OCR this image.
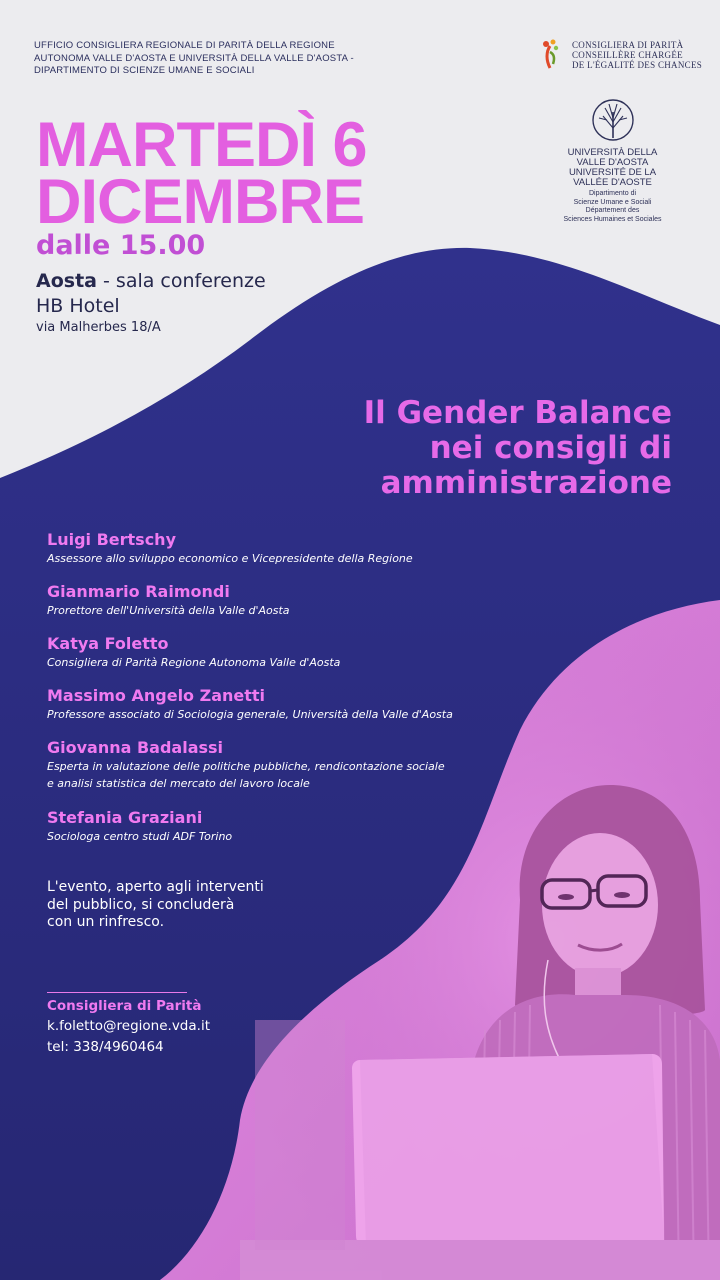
UFFICIO CONSIGLIERA REGIONALE DI PARITÀ DELLA REGIONE
AUTONOMA VALLE D'AOSTA E UNIVERSITÀ DELLA VALLE D'AOSTA -
DIPARTIMENTO DI SCIENZE UMANE E SOCIALI
CONSIGLIERA DI PARITÀ
CONSEILLÈRE CHARGÉE
DE L'ÉGALITÉ DES CHANCES
UNIVERSITÀ DELLA
VALLE D'AOSTA
UNIVERSITÉ DE LA
VALLÉE D'AOSTE
Dipartimento di
Scienze Umane e Sociali
Département des
Sciences Humaines et Sociales
MARTEDÌ 6
DICEMBRE
dalle 15.00
Aosta - sala conferenze
HB Hotel
via Malherbes 18/A
Il Gender Balance
nei consigli di
amministrazione
Luigi Bertschy
Assessore allo sviluppo economico e Vicepresidente della Regione
Gianmario Raimondi
Prorettore dell'Università della Valle d'Aosta
Katya Foletto
Consigliera di Parità Regione Autonoma Valle d'Aosta
Massimo Angelo Zanetti
Professore associato di Sociologia generale, Università della Valle d'Aosta
Giovanna Badalassi
Esperta in valutazione delle politiche pubbliche, rendicontazione sociale
e analisi statistica del mercato del lavoro locale
Stefania Graziani
Sociologa centro studi ADF Torino
L'evento, aperto agli interventi
del pubblico, si concluderà
con un rinfresco.
Consigliera di Parità
k.foletto@regione.vda.it
tel: 338/4960464
